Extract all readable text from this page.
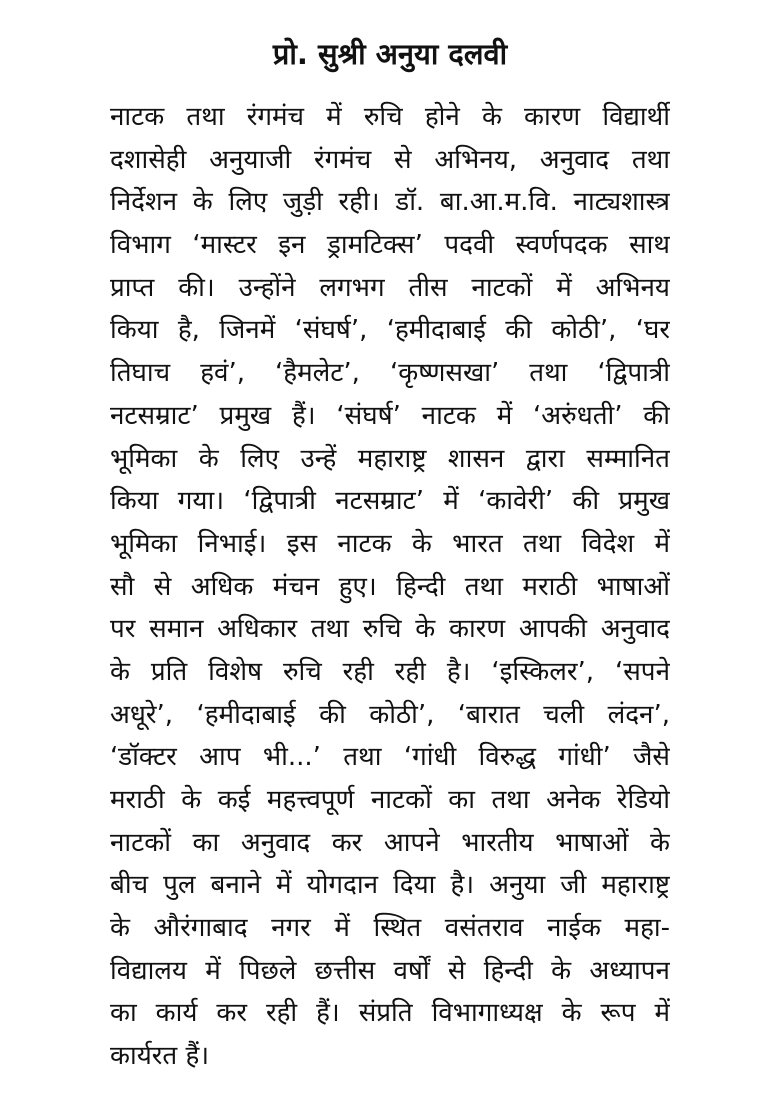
प्रो. सुश्री अनुया दलवी
नाटक तथा रंगमंच में रुचि होने के कारण विद्यार्थी
दशासेही अनुयाजी रंगमंच से अभिनय, अनुवाद तथा
निर्देशन के लिए जुड़ी रही। डॉ. बा.आ.म.वि. नाट्यशास्त्र
विभाग ‘मास्टर इन ड्रामटिक्स’ पदवी स्वर्णपदक साथ
प्राप्त की। उन्होंने लगभग तीस नाटकों में अभिनय
किया है, जिनमें ‘संघर्ष’, ‘हमीदाबाई की कोठी’, ‘घर
तिघाच हवं’, ‘हैमलेट’, ‘कृष्णसखा’ तथा ‘द्विपात्री
नटसम्राट’ प्रमुख हैं। ‘संघर्ष’ नाटक में ‘अरुंधती’ की
भूमिका के लिए उन्हें महाराष्ट्र शासन द्वारा सम्मानित
किया गया। ‘द्विपात्री नटसम्राट’ में ‘कावेरी’ की प्रमुख
भूमिका निभाई। इस नाटक के भारत तथा विदेश में
सौ से अधिक मंचन हुए। हिन्दी तथा मराठी भाषाओं
पर समान अधिकार तथा रुचि के कारण आपकी अनुवाद
के प्रति विशेष रुचि रही रही है। ‘इस्किलर’, ‘सपने
अधूरे’, ‘हमीदाबाई की कोठी’, ‘बारात चली लंदन’,
‘डॉक्टर आप भी...’ तथा ‘गांधी विरुद्ध गांधी’ जैसे
मराठी के कई महत्त्वपूर्ण नाटकों का तथा अनेक रेडियो
नाटकों का अनुवाद कर आपने भारतीय भाषाओं के
बीच पुल बनाने में योगदान दिया है। अनुया जी महाराष्ट्र
के औरंगाबाद नगर में स्थित वसंतराव नाईक महा-
विद्यालय में पिछले छत्तीस वर्षों से हिन्दी के अध्यापन
का कार्य कर रही हैं। संप्रति विभागाध्यक्ष के रूप में
कार्यरत हैं।
